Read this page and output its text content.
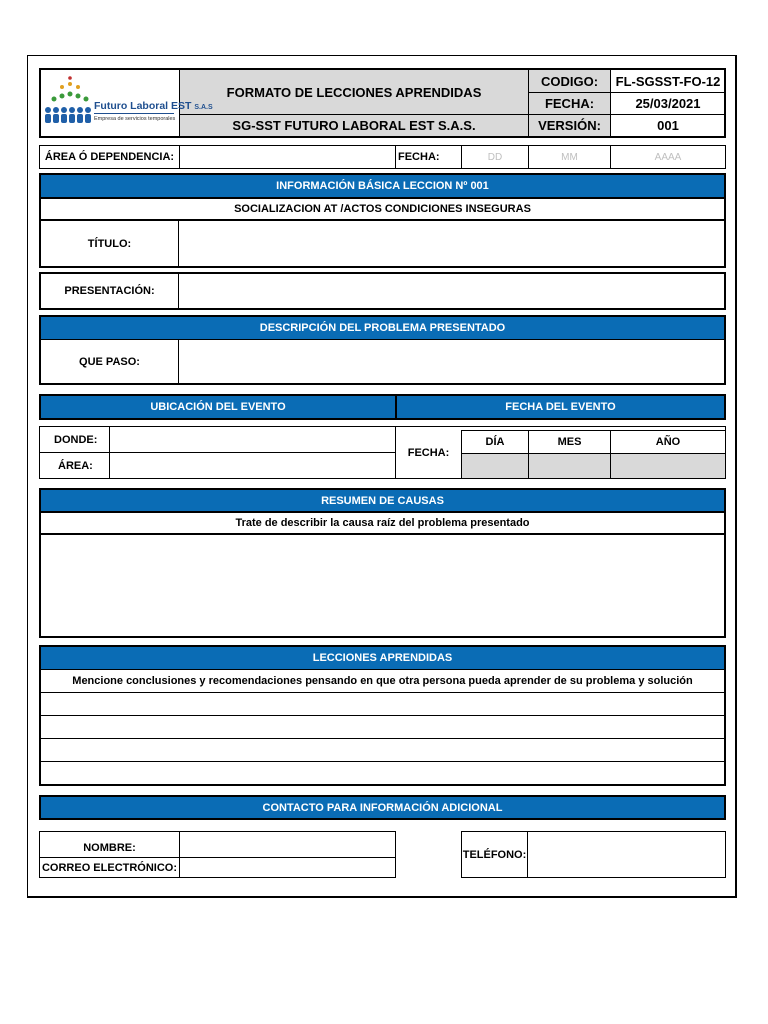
Futuro Laboral EST S.A.S
Empresa de servicios temporales
FORMATO DE LECCIONES APRENDIDAS
SG-SST FUTURO LABORAL EST S.A.S.
CODIGO:	FL-SGSST-FO-12
FECHA:	25/03/2021
VERSIÓN:	001
ÁREA Ó DEPENDENCIA:	FECHA:	DD	MM	AAAA
INFORMACIÓN BÁSICA LECCION Nº 001
SOCIALIZACION AT /ACTOS CONDICIONES INSEGURAS
TÍTULO:
PRESENTACIÓN:
DESCRIPCIÓN DEL PROBLEMA PRESENTADO
QUE PASO:
UBICACIÓN DEL EVENTO	FECHA DEL EVENTO
DONDE:
ÁREA:
FECHA:
DÍA	MES	AÑO
RESUMEN DE CAUSAS
Trate de describir la causa raíz del problema presentado
LECCIONES APRENDIDAS
Mencione conclusiones y recomendaciones pensando en que otra persona pueda aprender de su problema y solución
CONTACTO PARA INFORMACIÓN ADICIONAL
NOMBRE:
CORREO ELECTRÓNICO:
TELÉFONO:
